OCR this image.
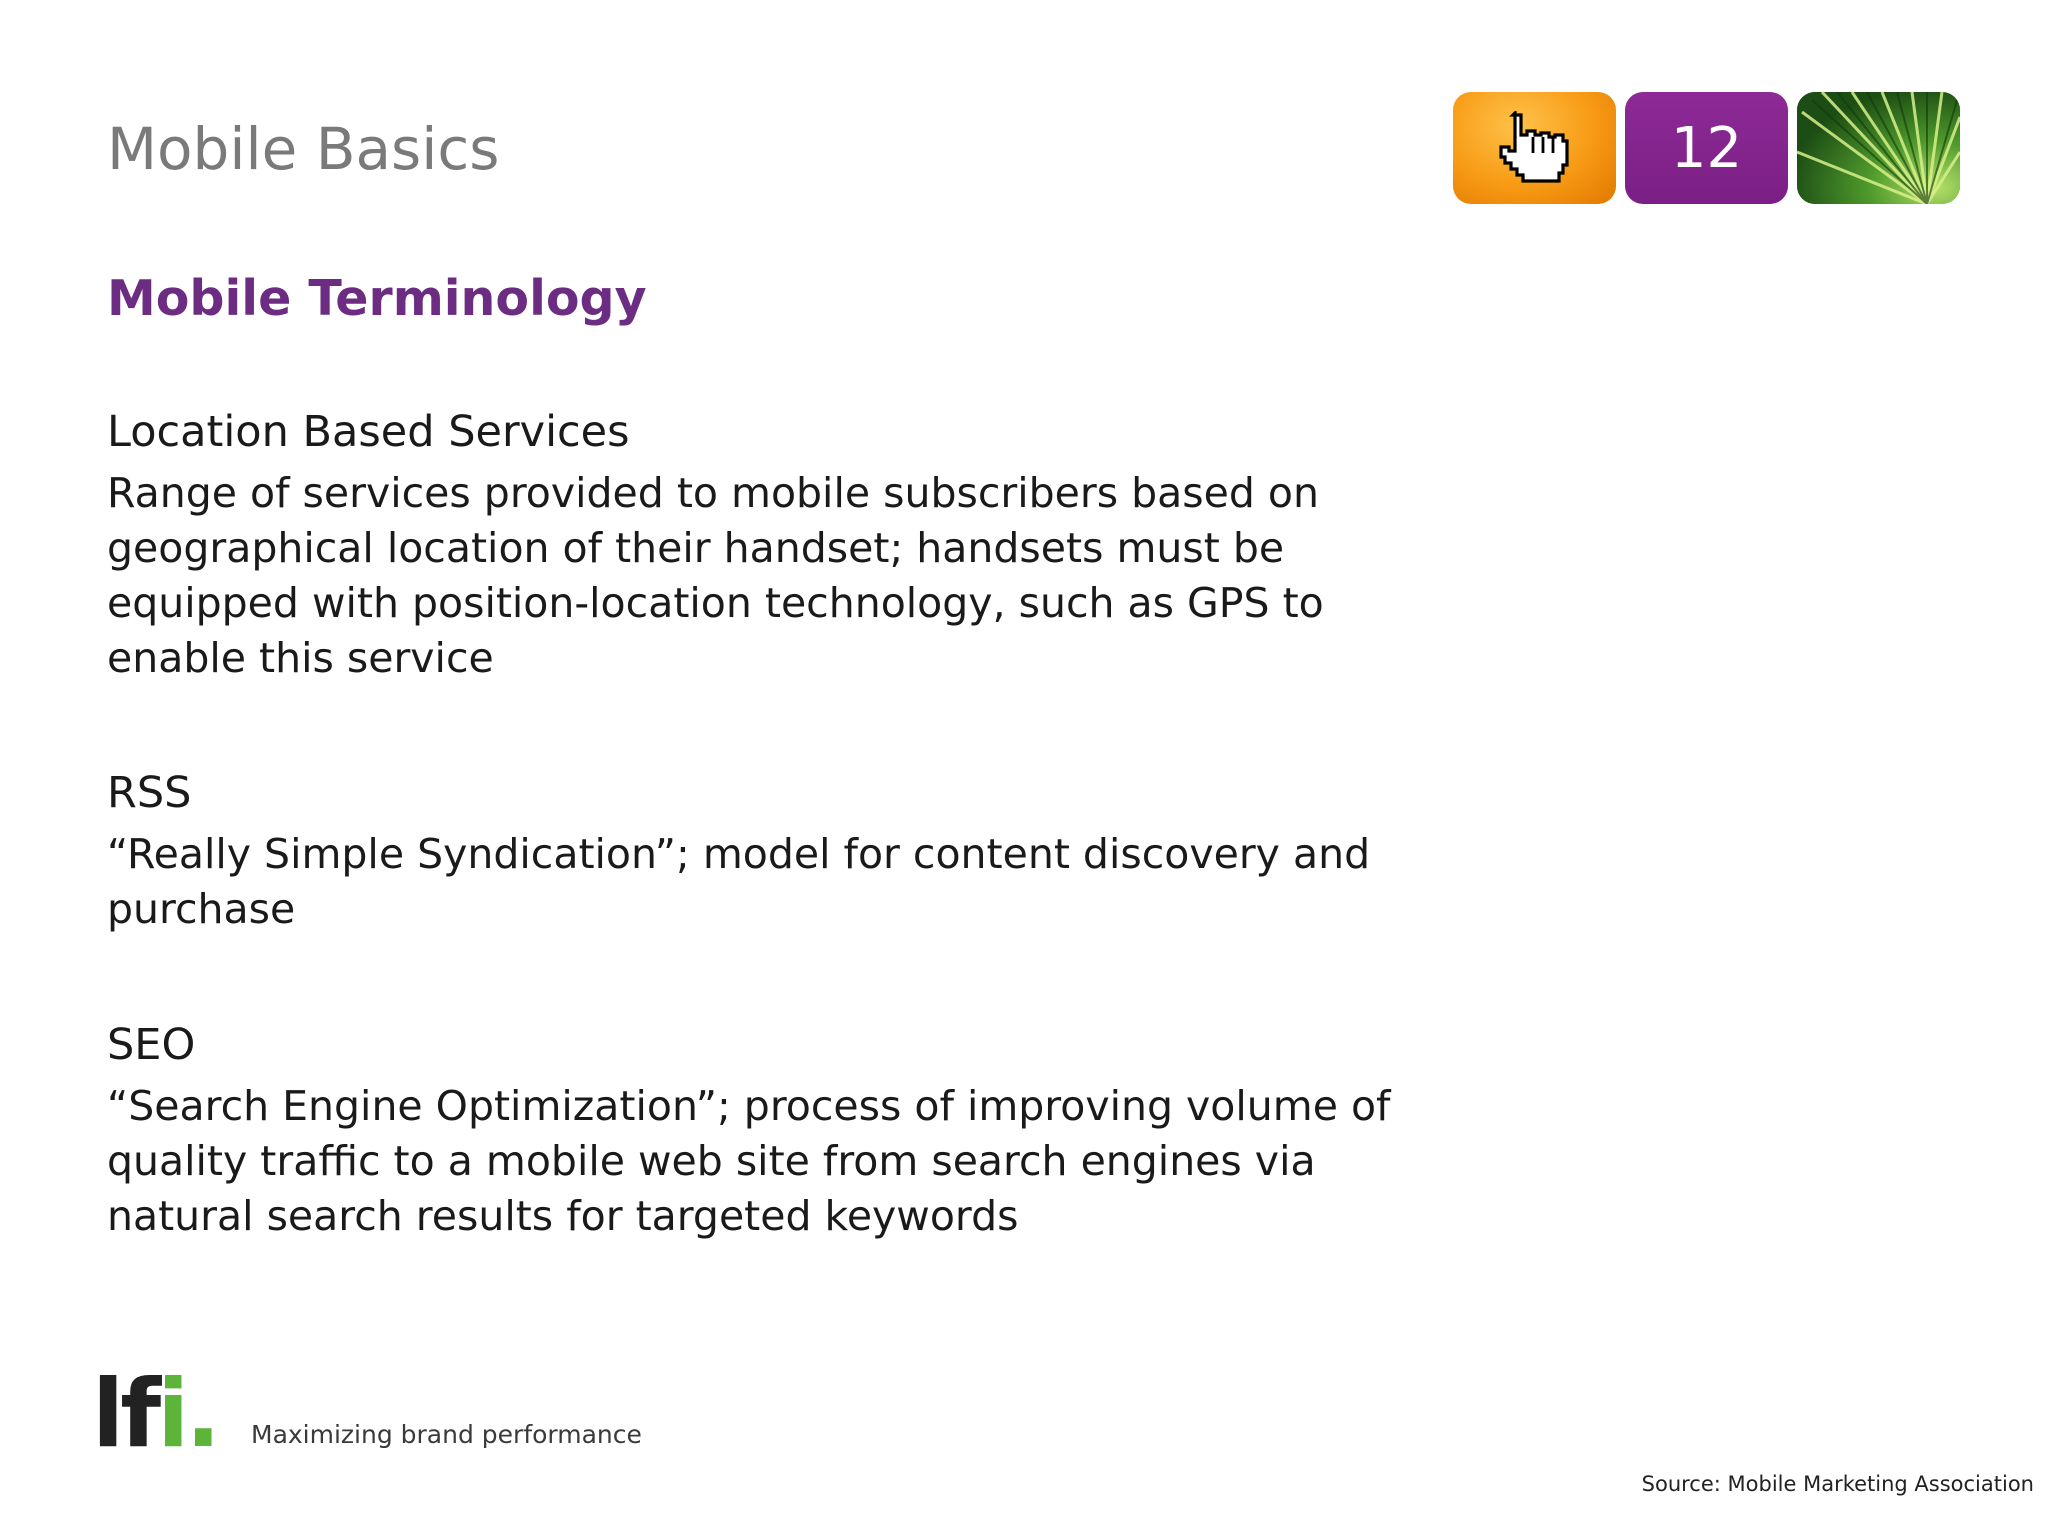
Mobile Basics	12
Mobile Terminology

Location Based Services

Range of services provided to mobile subscribers based on
geographical location of their handset; handsets must be
equipped with position-location technology, such as GPS to
enable this service

RSS

“Really Simple Syndication”; model for content discovery and
purchase

SEO

“Search Engine Optimization”; process of improving volume of
quality traffic to a mobile web site from search engines via
natural search results for targeted keywords

lfi. Maximizing brand performance
Source: Mobile Marketing Association
